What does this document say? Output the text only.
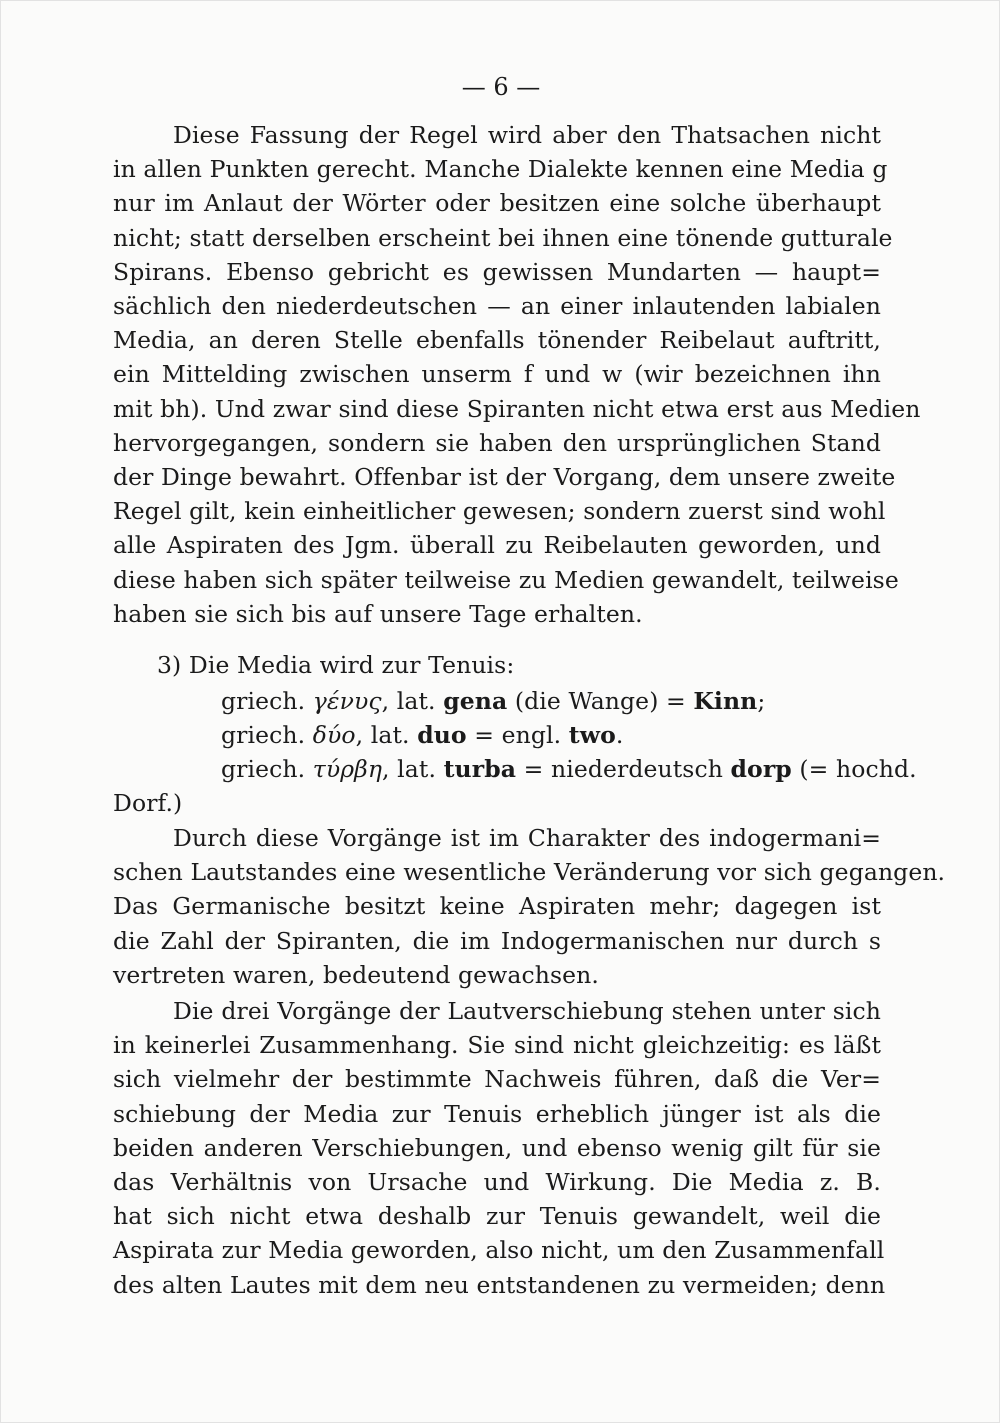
— 6 —
Diese Fassung der Regel wird aber den Thatsachen nicht
in allen Punkten gerecht. Manche Dialekte kennen eine Media g
nur im Anlaut der Wörter oder besitzen eine solche überhaupt
nicht; statt derselben erscheint bei ihnen eine tönende gutturale
Spirans. Ebenso gebricht es gewissen Mundarten — haupt=
sächlich den niederdeutschen — an einer inlautenden labialen
Media, an deren Stelle ebenfalls tönender Reibelaut auftritt,
ein Mittelding zwischen unserm f und w (wir bezeichnen ihn
mit bh). Und zwar sind diese Spiranten nicht etwa erst aus Medien
hervorgegangen, sondern sie haben den ursprünglichen Stand
der Dinge bewahrt. Offenbar ist der Vorgang, dem unsere zweite
Regel gilt, kein einheitlicher gewesen; sondern zuerst sind wohl
alle Aspiraten des Jgm. überall zu Reibelauten geworden, und
diese haben sich später teilweise zu Medien gewandelt, teilweise
haben sie sich bis auf unsere Tage erhalten.
3) Die Media wird zur Tenuis:
griech. γένυς, lat. gena (die Wange) = Kinn;
griech. δύο, lat. duo = engl. two.
griech. τύρβη, lat. turba = niederdeutsch dorp (= hochd.
Dorf.)
Durch diese Vorgänge ist im Charakter des indogermani=
schen Lautstandes eine wesentliche Veränderung vor sich gegangen.
Das Germanische besitzt keine Aspiraten mehr; dagegen ist
die Zahl der Spiranten, die im Indogermanischen nur durch s
vertreten waren, bedeutend gewachsen.
Die drei Vorgänge der Lautverschiebung stehen unter sich
in keinerlei Zusammenhang. Sie sind nicht gleichzeitig: es läßt
sich vielmehr der bestimmte Nachweis führen, daß die Ver=
schiebung der Media zur Tenuis erheblich jünger ist als die
beiden anderen Verschiebungen, und ebenso wenig gilt für sie
das Verhältnis von Ursache und Wirkung. Die Media z. B.
hat sich nicht etwa deshalb zur Tenuis gewandelt, weil die
Aspirata zur Media geworden, also nicht, um den Zusammenfall
des alten Lautes mit dem neu entstandenen zu vermeiden; denn
